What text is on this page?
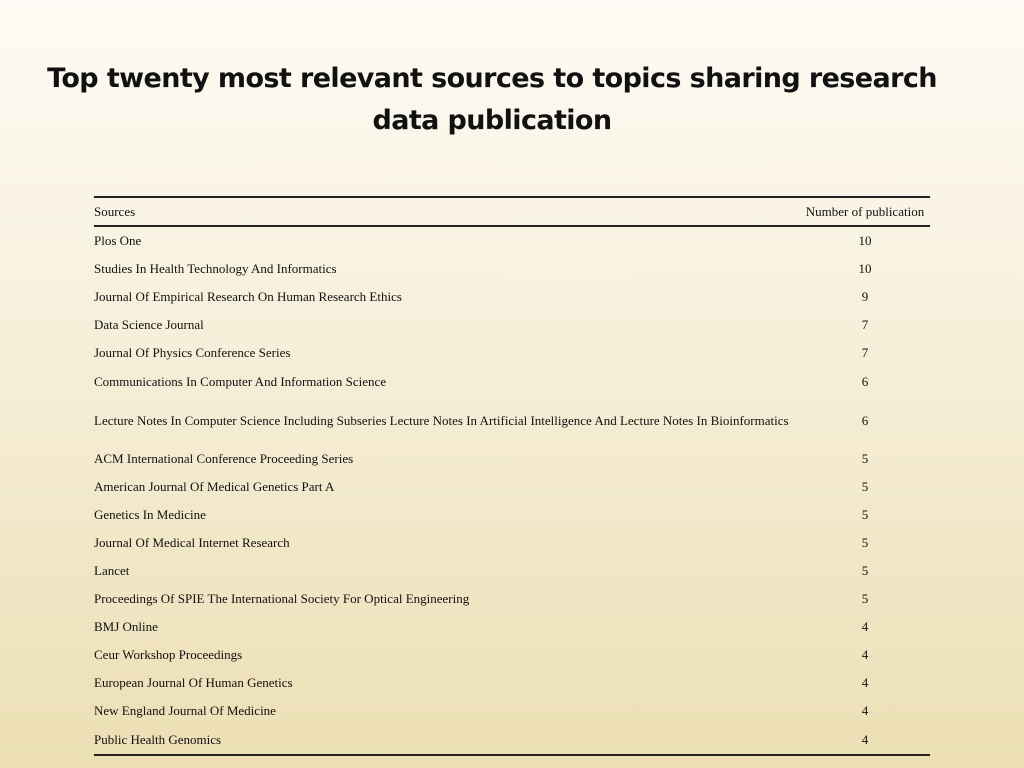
Top twenty most relevant sources to topics sharing research
data publication
Sources	Number of publication
Plos One	10
Studies In Health Technology And Informatics	10
Journal Of Empirical Research On Human Research Ethics	9
Data Science Journal	7
Journal Of Physics Conference Series	7
Communications In Computer And Information Science	6
Lecture Notes In Computer Science Including Subseries Lecture Notes In Artificial Intelligence And Lecture Notes In Bioinformatics	6
ACM International Conference Proceeding Series	5
American Journal Of Medical Genetics Part A	5
Genetics In Medicine	5
Journal Of Medical Internet Research	5
Lancet	5
Proceedings Of SPIE The International Society For Optical Engineering	5
BMJ Online	4
Ceur Workshop Proceedings	4
European Journal Of Human Genetics	4
New England Journal Of Medicine	4
Public Health Genomics	4
